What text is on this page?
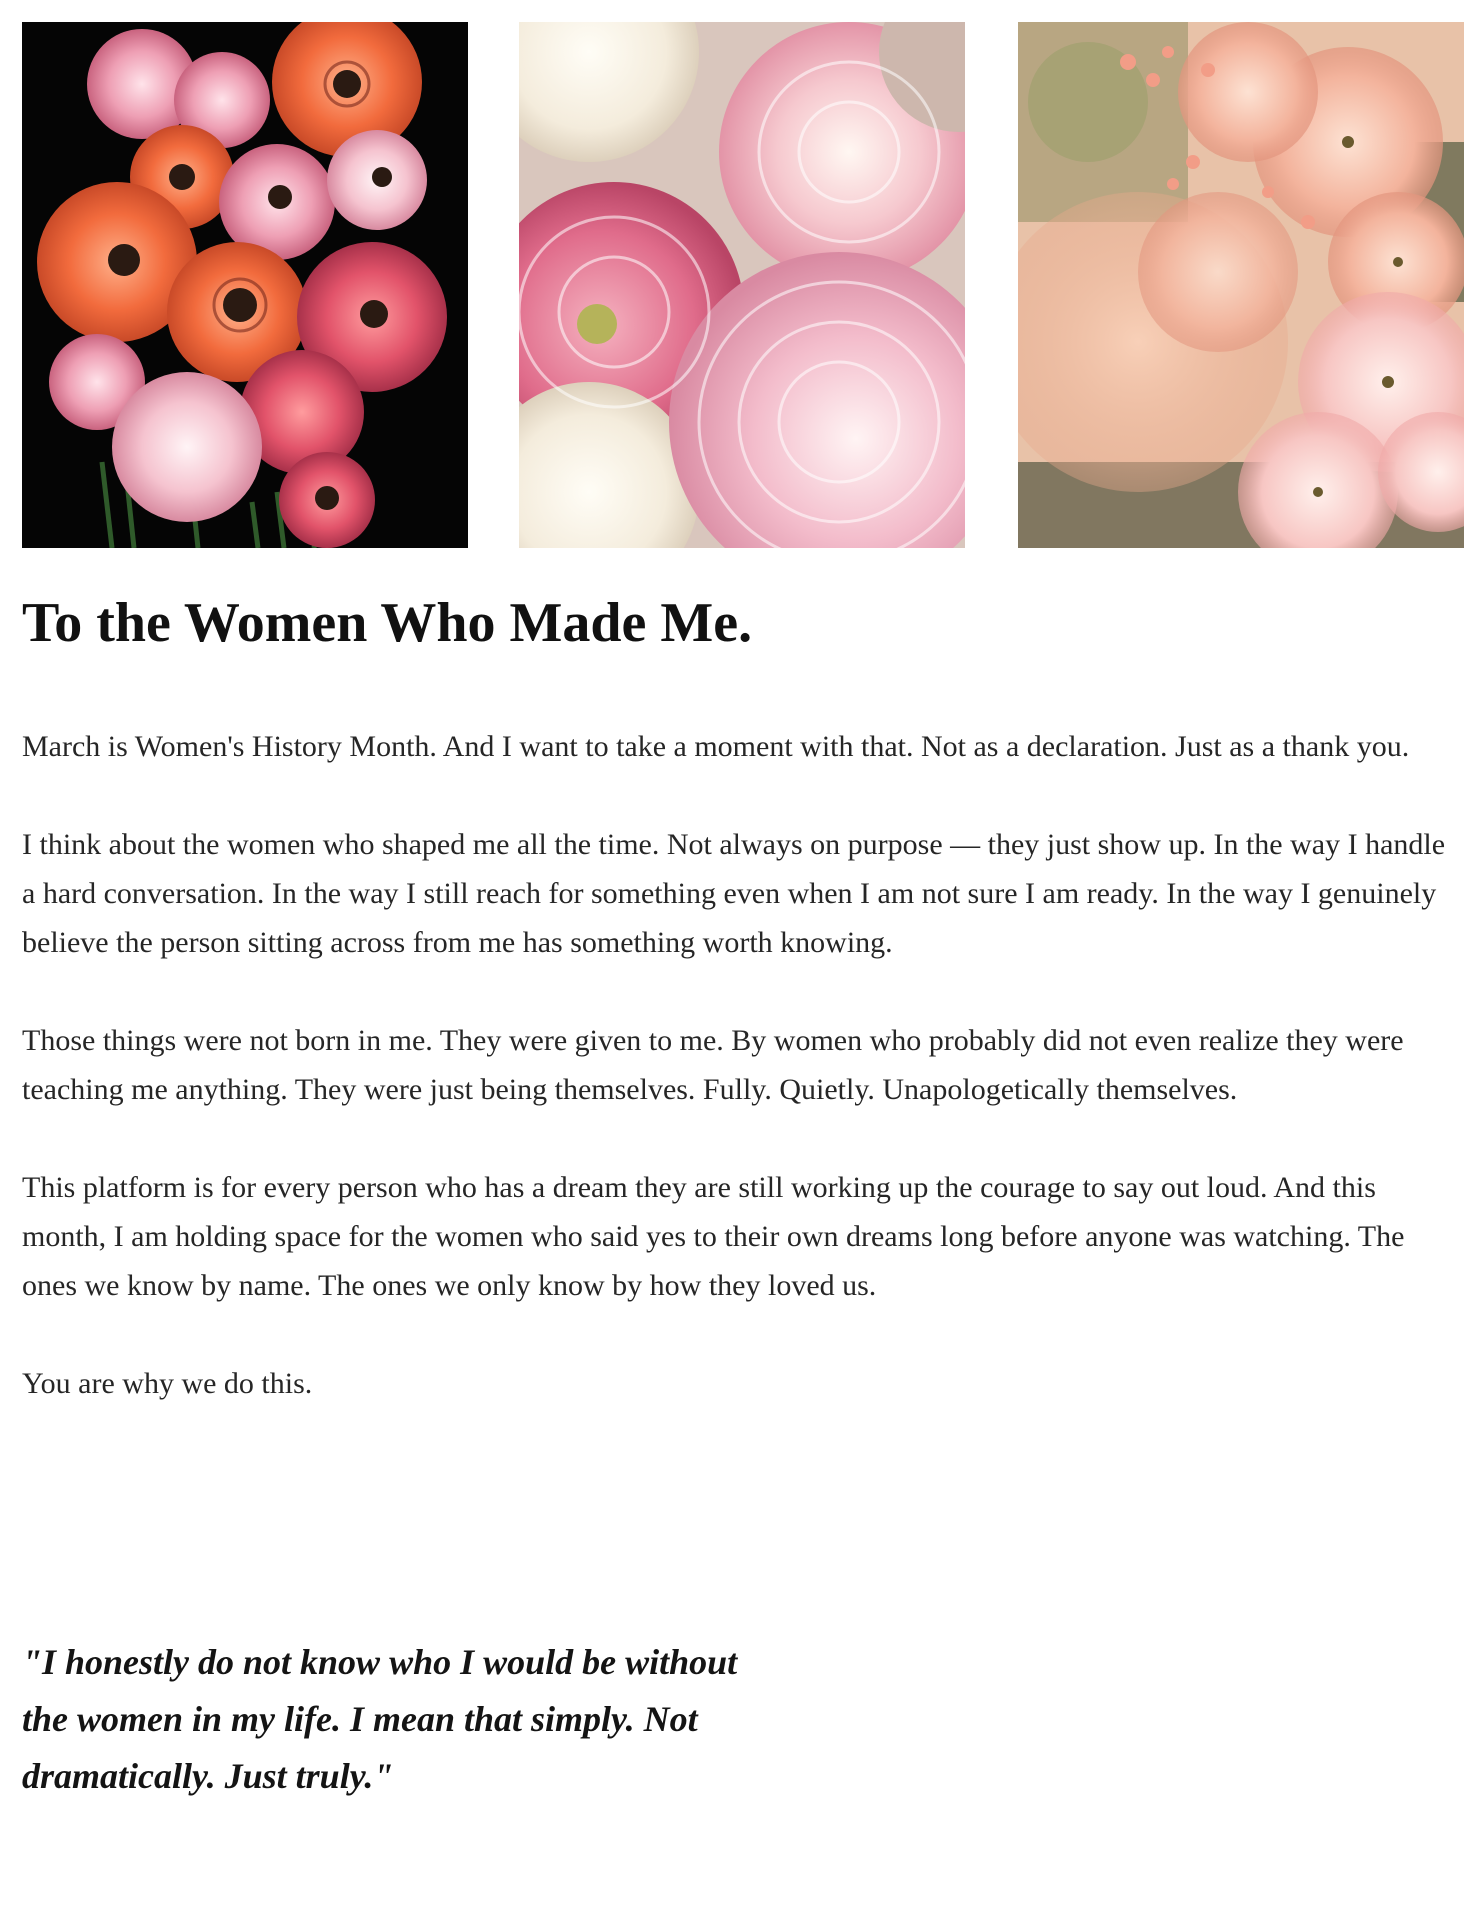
To the Women Who Made Me.

March is Women's History Month. And I want to take a moment with that. Not as a declaration. Just as a thank you.

I think about the women who shaped me all the time. Not always on purpose — they just show up. In the way I handle a hard conversation. In the way I still reach for something even when I am not sure I am ready. In the way I genuinely believe the person sitting across from me has something worth knowing.

Those things were not born in me. They were given to me. By women who probably did not even realize they were teaching me anything. They were just being themselves. Fully. Quietly. Unapologetically themselves.

This platform is for every person who has a dream they are still working up the courage to say out loud. And this month, I am holding space for the women who said yes to their own dreams long before anyone was watching. The ones we know by name. The ones we only know by how they loved us.

You are why we do this.

"I honestly do not know who I would be without the women in my life. I mean that simply. Not dramatically. Just truly."
